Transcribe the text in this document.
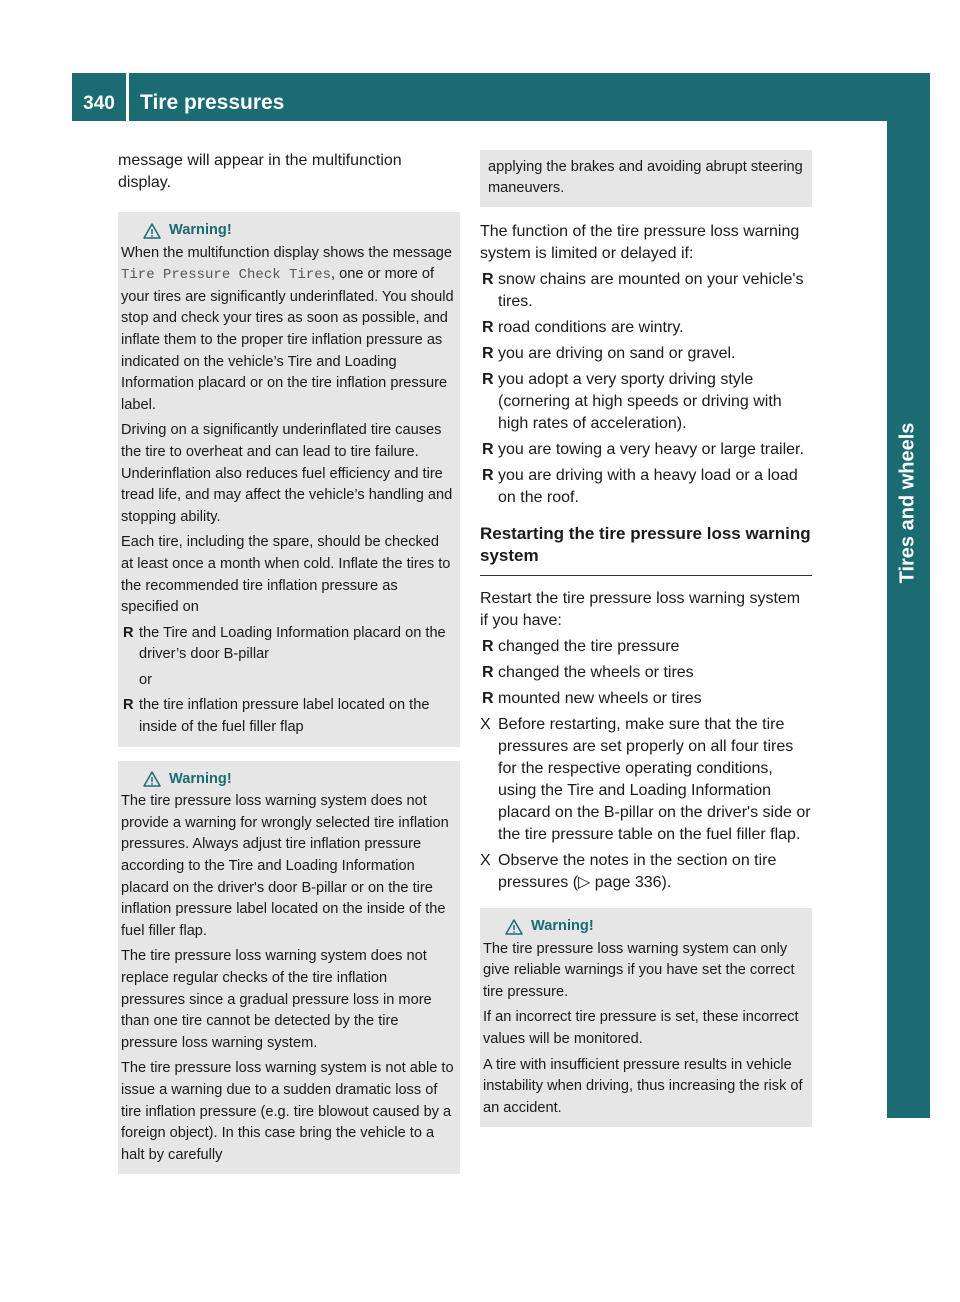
340	Tire pressures
Tires and wheels

message will appear in the multifunction display.

Warning!

When the multifunction display shows the message Tire Pressure Check Tires, one or more of your tires are significantly underinflated. You should stop and check your tires as soon as possible, and inflate them to the proper tire inflation pressure as indicated on the vehicle’s Tire and Loading Information placard or on the tire inflation pressure label.

Driving on a significantly underinflated tire causes the tire to overheat and can lead to tire failure. Underinflation also reduces fuel efficiency and tire tread life, and may affect the vehicle’s handling and stopping ability.

Each tire, including the spare, should be checked at least once a month when cold. Inflate the tires to the recommended tire inflation pressure as specified on

R the Tire and Loading Information placard on the driver’s door B-pillar
or
R the tire inflation pressure label located on the inside of the fuel filler flap
Warning!

The tire pressure loss warning system does not provide a warning for wrongly selected tire inflation pressures. Always adjust tire inflation pressure according to the Tire and Loading Information placard on the driver's door B-pillar or on the tire inflation pressure label located on the inside of the fuel filler flap.

The tire pressure loss warning system does not replace regular checks of the tire inflation pressures since a gradual pressure loss in more than one tire cannot be detected by the tire pressure loss warning system.

The tire pressure loss warning system is not able to issue a warning due to a sudden dramatic loss of tire inflation pressure (e.g. tire blowout caused by a foreign object). In this case bring the vehicle to a halt by carefully

applying the brakes and avoiding abrupt steering maneuvers.

The function of the tire pressure loss warning system is limited or delayed if:

R snow chains are mounted on your vehicle's tires.
R road conditions are wintry.
R you are driving on sand or gravel.
R you adopt a very sporty driving style (cornering at high speeds or driving with high rates of acceleration).
R you are towing a very heavy or large trailer.
R you are driving with a heavy load or a load on the roof.
Restarting the tire pressure loss warning system

Restart the tire pressure loss warning system if you have:

R changed the tire pressure
R changed the wheels or tires
R mounted new wheels or tires
X Before restarting, make sure that the tire pressures are set properly on all four tires for the respective operating conditions, using the Tire and Loading Information placard on the B-pillar on the driver's side or the tire pressure table on the fuel filler flap.
X Observe the notes in the section on tire pressures (▷ page 336).
Warning!

The tire pressure loss warning system can only give reliable warnings if you have set the correct tire pressure.

If an incorrect tire pressure is set, these incorrect values will be monitored.

A tire with insufficient pressure results in vehicle instability when driving, thus increasing the risk of an accident.
